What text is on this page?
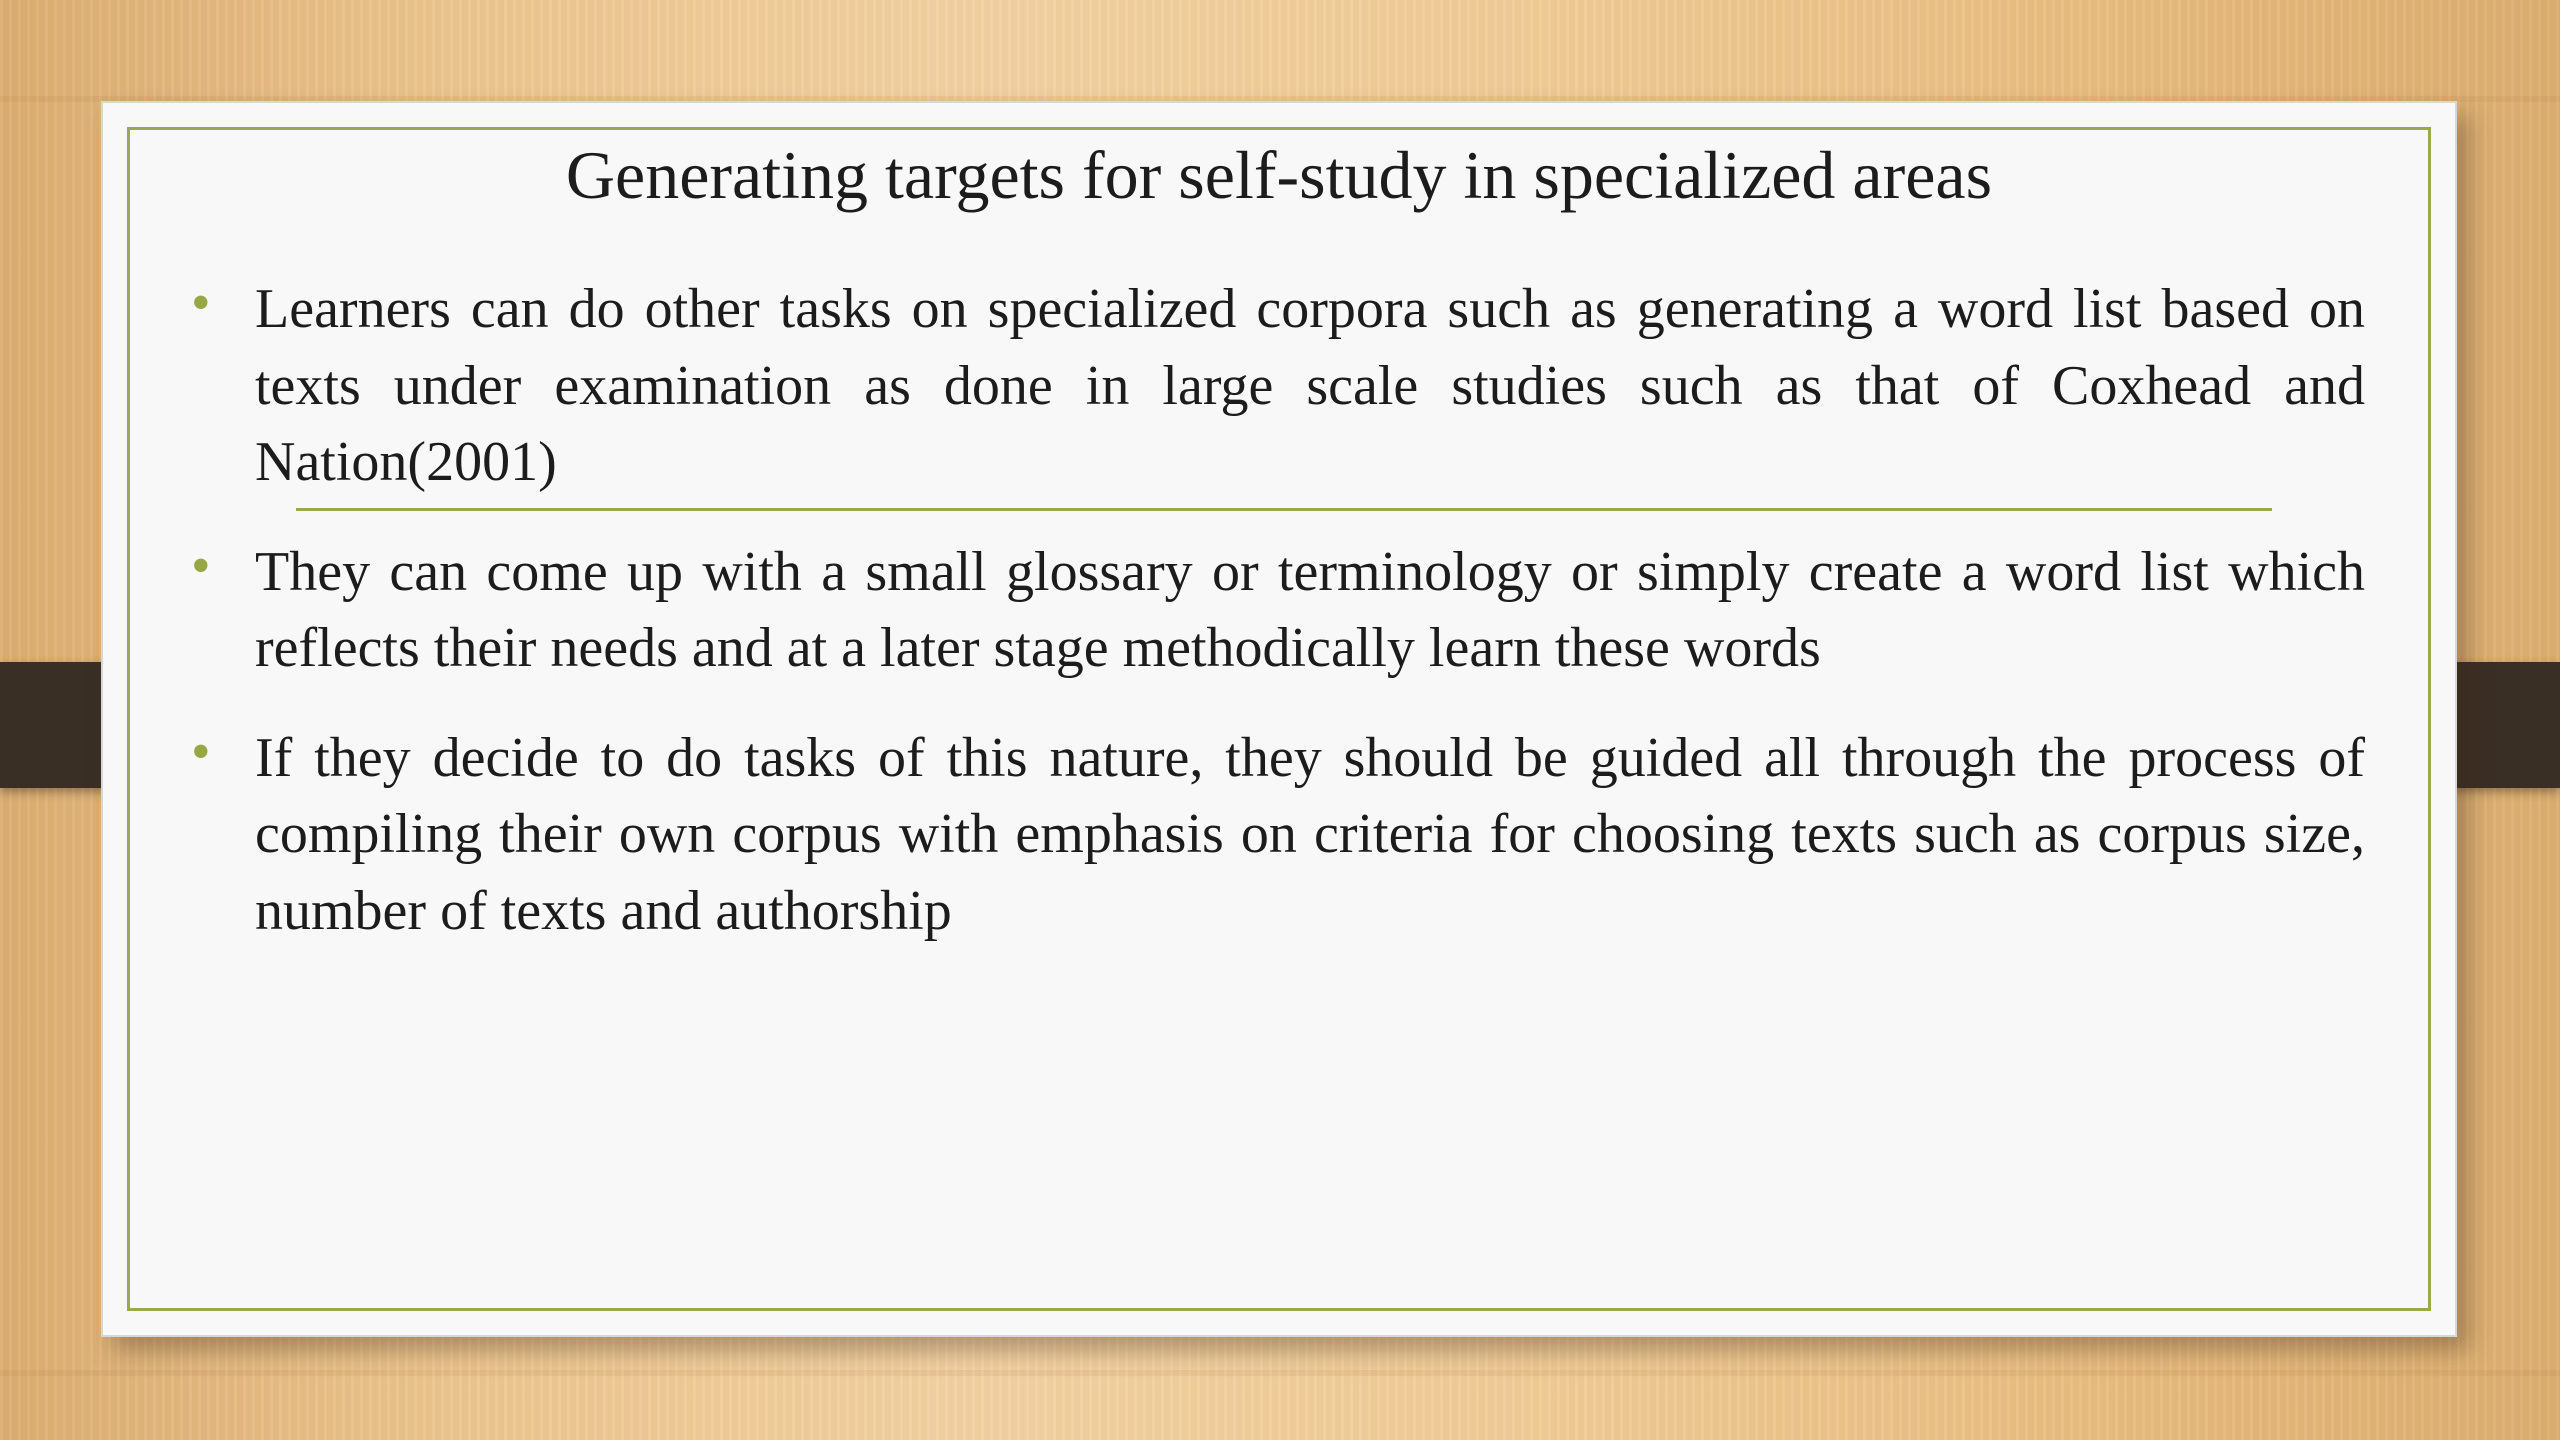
Generating targets for self-study in specialized areas
• Learners can do other tasks on specialized corpora such as generating a word list based on texts under examination as done in large scale studies such as that of Coxhead and Nation(2001)
• They can come up with a small glossary or terminology or simply create a word list which reflects their needs and at a later stage methodically learn these words
• If they decide to do tasks of this nature, they should be guided all through the process of compiling their own corpus with emphasis on criteria for choosing texts such as corpus size, number of texts and authorship
